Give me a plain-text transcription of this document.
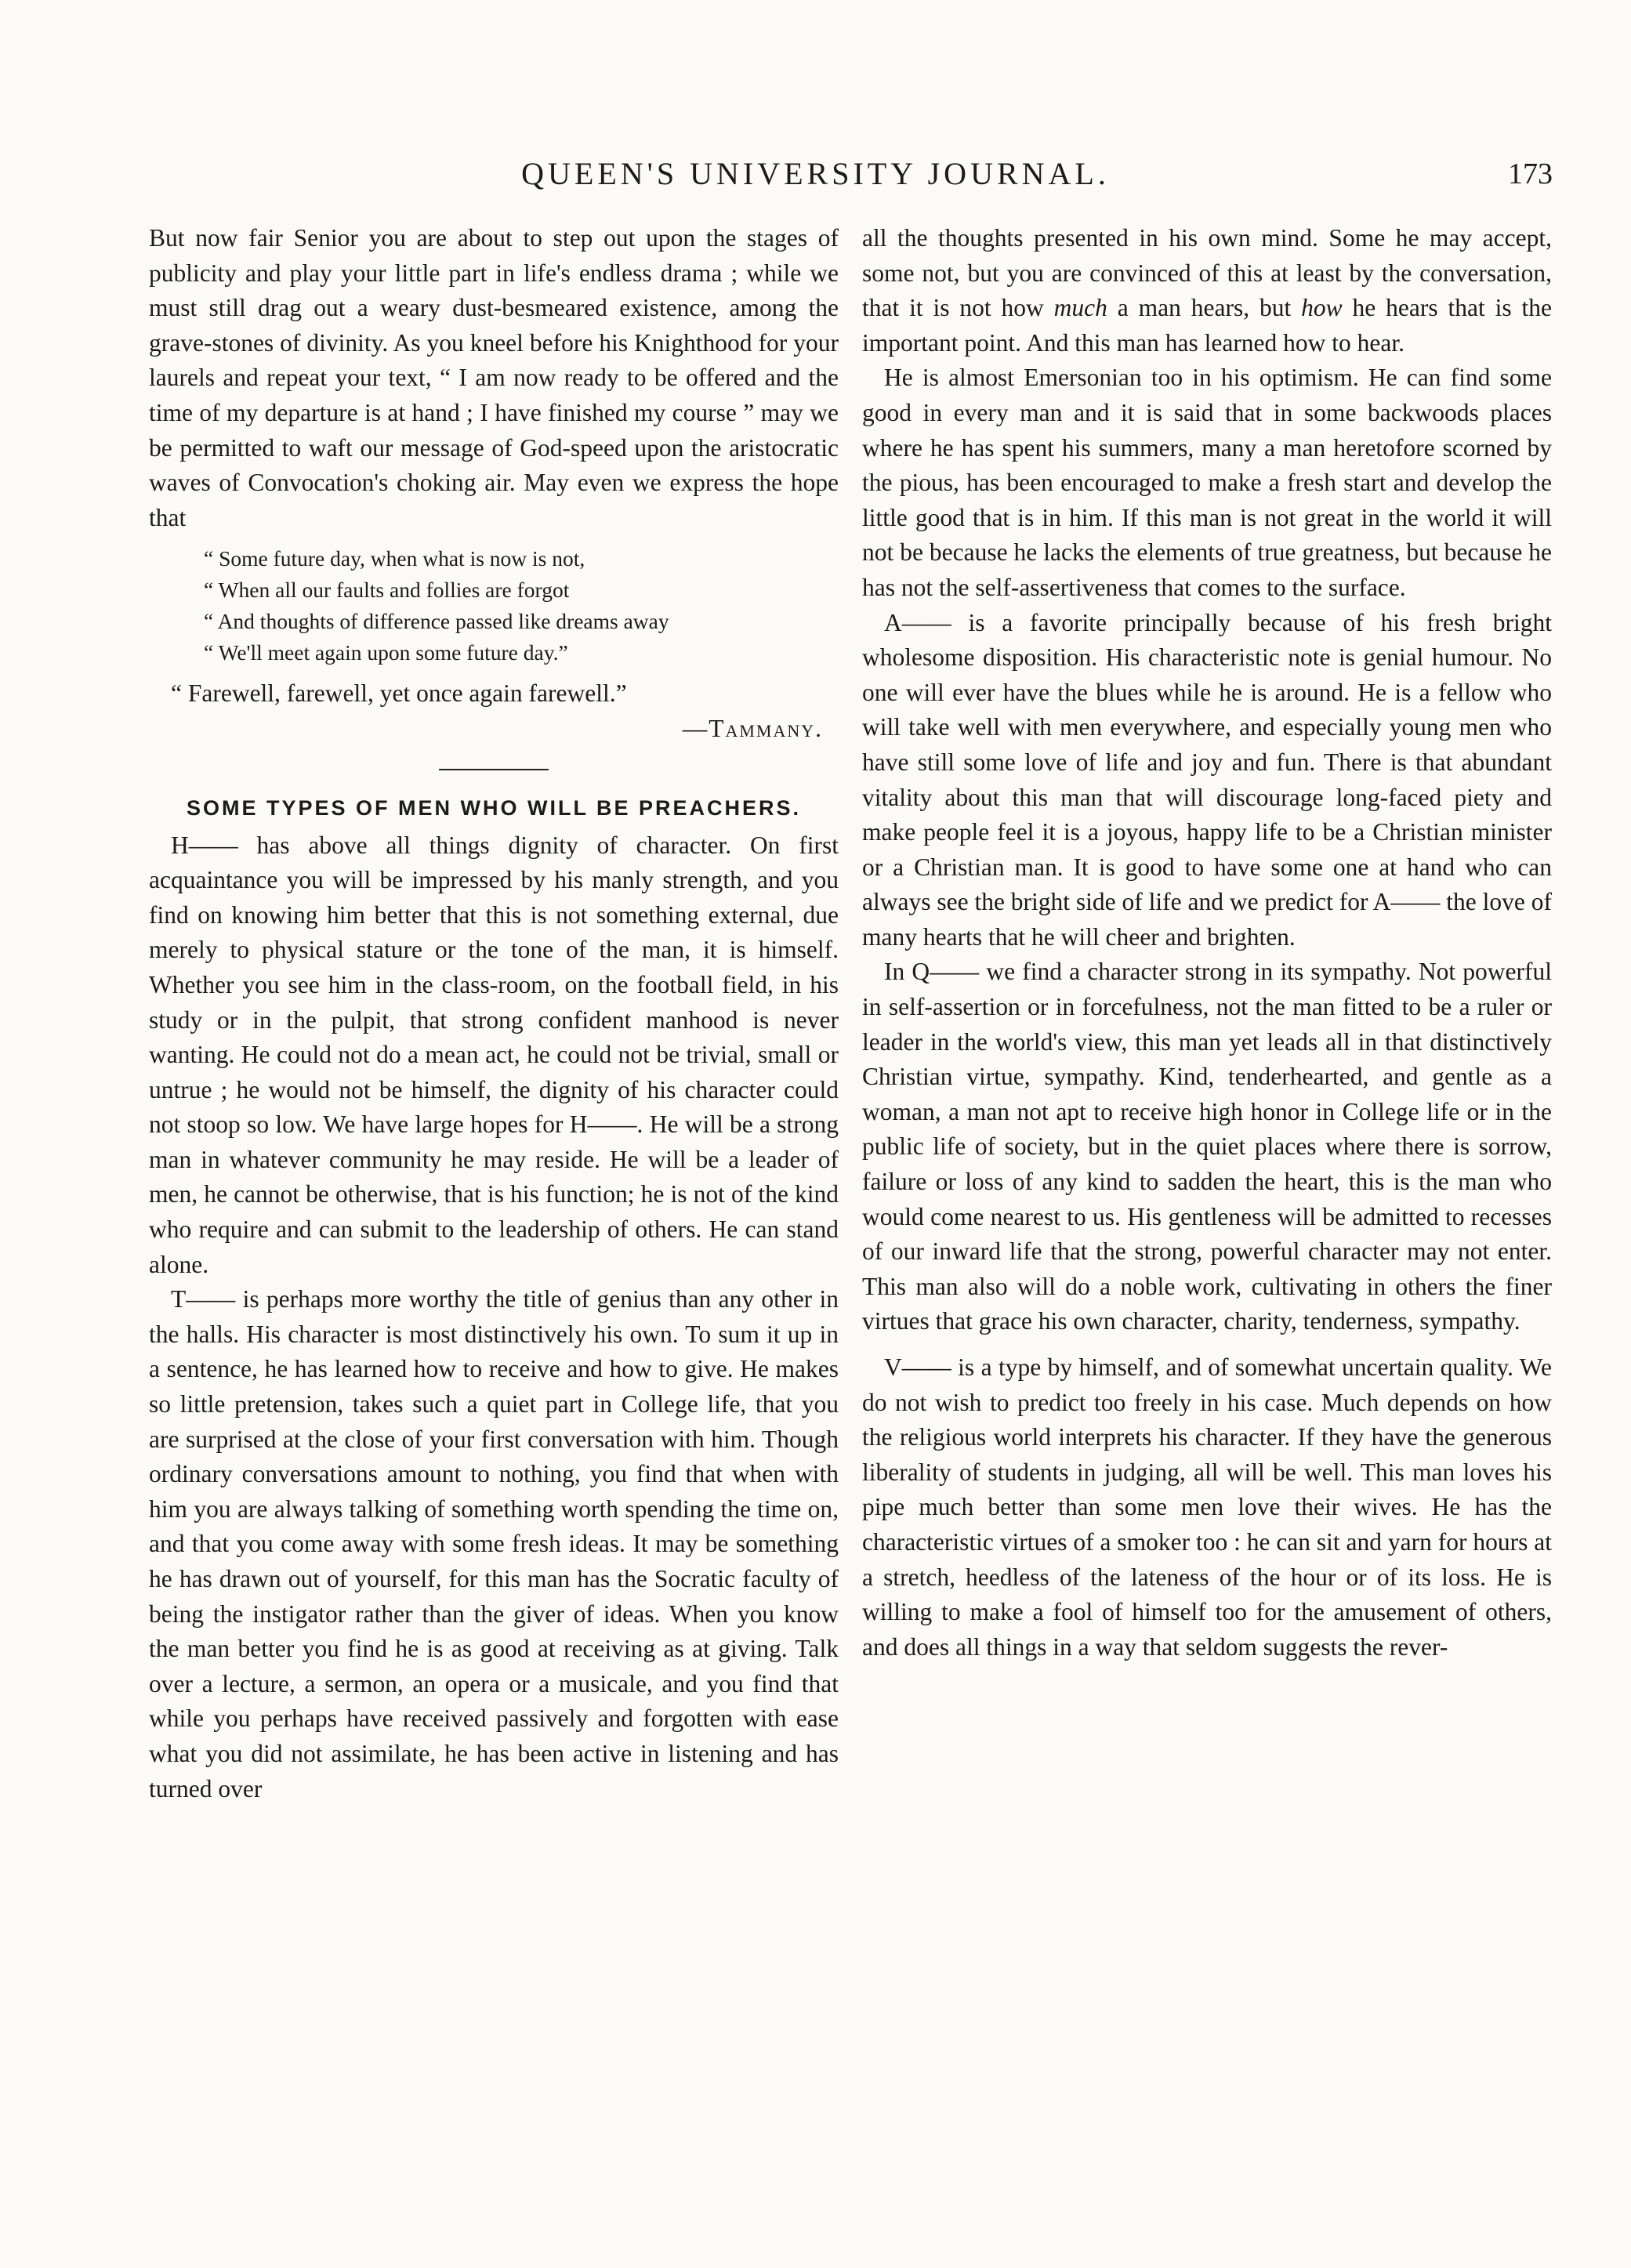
QUEEN'S UNIVERSITY JOURNAL.	173

But now fair Senior you are about to step out upon the stages of publicity and play your little part in life's endless drama ; while we must still drag out a weary dust-besmeared existence, among the grave-stones of divinity. As you kneel before his Knighthood for your laurels and repeat your text, “ I am now ready to be offered and the time of my departure is at hand ; I have finished my course ” may we be permitted to waft our message of God-speed upon the aristocratic waves of Convocation's choking air. May even we express the hope that

“ Some future day, when what is now is not,
“ When all our faults and follies are forgot
“ And thoughts of difference passed like dreams away
“ We'll meet again upon some future day.”

“ Farewell, farewell, yet once again farewell.”

—Tammany.

SOME TYPES OF MEN WHO WILL BE PREACHERS.

H—— has above all things dignity of character. On first acquaintance you will be impressed by his manly strength, and you find on knowing him better that this is not something external, due merely to physical stature or the tone of the man, it is himself. Whether you see him in the class-room, on the football field, in his study or in the pulpit, that strong confident manhood is never wanting. He could not do a mean act, he could not be trivial, small or untrue ; he would not be himself, the dignity of his character could not stoop so low. We have large hopes for H——. He will be a strong man in whatever community he may reside. He will be a leader of men, he cannot be otherwise, that is his function; he is not of the kind who require and can submit to the leadership of others. He can stand alone.

T—— is perhaps more worthy the title of genius than any other in the halls. His character is most distinctively his own. To sum it up in a sentence, he has learned how to receive and how to give. He makes so little pretension, takes such a quiet part in College life, that you are surprised at the close of your first conversation with him. Though ordinary conversations amount to nothing, you find that when with him you are always talking of something worth spending the time on, and that you come away with some fresh ideas. It may be something he has drawn out of yourself, for this man has the Socratic faculty of being the instigator rather than the giver of ideas. When you know the man better you find he is as good at receiving as at giving. Talk over a lecture, a sermon, an opera or a musicale, and you find that while you perhaps have received passively and forgotten with ease what you did not assimilate, he has been active in listening and has turned over

all the thoughts presented in his own mind. Some he may accept, some not, but you are convinced of this at least by the conversation, that it is not how much a man hears, but how he hears that is the important point. And this man has learned how to hear.

He is almost Emersonian too in his optimism. He can find some good in every man and it is said that in some backwoods places where he has spent his summers, many a man heretofore scorned by the pious, has been encouraged to make a fresh start and develop the little good that is in him. If this man is not great in the world it will not be because he lacks the elements of true greatness, but because he has not the self-assertiveness that comes to the surface.

A—— is a favorite principally because of his fresh bright wholesome disposition. His characteristic note is genial humour. No one will ever have the blues while he is around. He is a fellow who will take well with men everywhere, and especially young men who have still some love of life and joy and fun. There is that abundant vitality about this man that will discourage long-faced piety and make people feel it is a joyous, happy life to be a Christian minister or a Christian man. It is good to have some one at hand who can always see the bright side of life and we predict for A—— the love of many hearts that he will cheer and brighten.

In Q—— we find a character strong in its sympathy. Not powerful in self-assertion or in forcefulness, not the man fitted to be a ruler or leader in the world's view, this man yet leads all in that distinctively Christian virtue, sympathy. Kind, tenderhearted, and gentle as a woman, a man not apt to receive high honor in College life or in the public life of society, but in the quiet places where there is sorrow, failure or loss of any kind to sadden the heart, this is the man who would come nearest to us. His gentleness will be admitted to recesses of our inward life that the strong, powerful character may not enter. This man also will do a noble work, cultivating in others the finer virtues that grace his own character, charity, tenderness, sympathy.

V—— is a type by himself, and of somewhat uncertain quality. We do not wish to predict too freely in his case. Much depends on how the religious world interprets his character. If they have the generous liberality of students in judging, all will be well. This man loves his pipe much better than some men love their wives. He has the characteristic virtues of a smoker too : he can sit and yarn for hours at a stretch, heedless of the lateness of the hour or of its loss. He is willing to make a fool of himself too for the amusement of others, and does all things in a way that seldom suggests the rever-
